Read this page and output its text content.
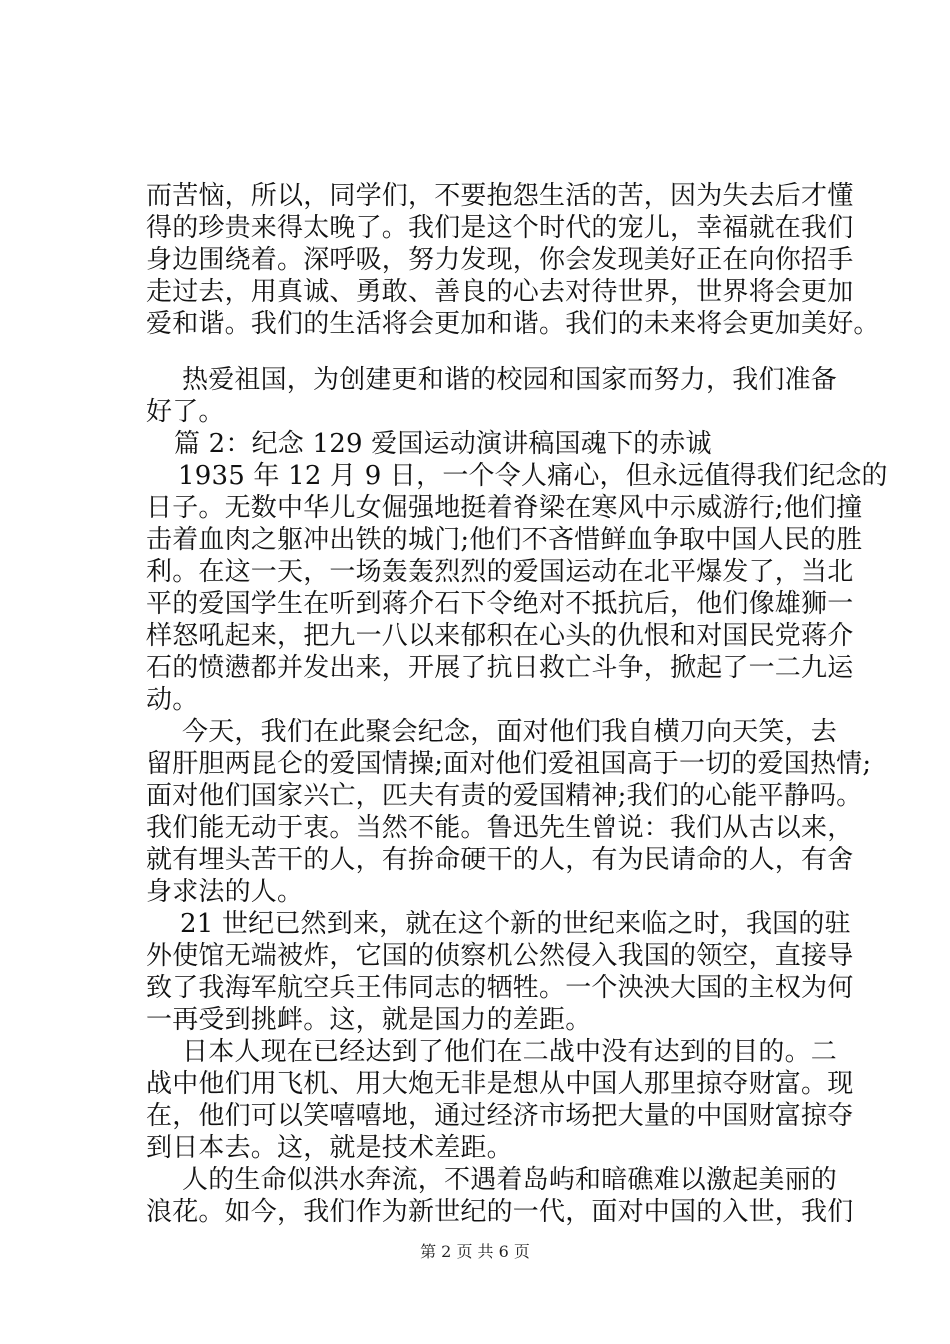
而苦恼，所以，同学们，不要抱怨生活的苦，因为失去后才懂
得的珍贵来得太晚了。我们是这个时代的宠儿，幸福就在我们
身边围绕着。深呼吸，努力发现，你会发现美好正在向你招手
走过去，用真诚、勇敢、善良的心去对待世界，世界将会更加
爱和谐。我们的生活将会更加和谐。我们的未来将会更加美好。
热爱祖国，为创建更和谐的校园和国家而努力，我们准备
好了。
篇 2：纪念 129 爱国运动演讲稿国魂下的赤诚
1935 年 12 月 9 日，一个令人痛心，但永远值得我们纪念的
日子。无数中华儿女倔强地挺着脊梁在寒风中示威游行;他们撞
击着血肉之躯冲出铁的城门;他们不吝惜鲜血争取中国人民的胜
利。在这一天，一场轰轰烈烈的爱国运动在北平爆发了，当北
平的爱国学生在听到蒋介石下令绝对不抵抗后，他们像雄狮一
样怒吼起来，把九一八以来郁积在心头的仇恨和对国民党蒋介
石的愤懑都并发出来，开展了抗日救亡斗争，掀起了一二九运
动。
今天，我们在此聚会纪念，面对他们我自横刀向天笑，去
留肝胆两昆仑的爱国情操;面对他们爱祖国高于一切的爱国热情;
面对他们国家兴亡，匹夫有责的爱国精神;我们的心能平静吗。
我们能无动于衷。当然不能。鲁迅先生曾说：我们从古以来，
就有埋头苦干的人，有拚命硬干的人，有为民请命的人，有舍
身求法的人。
21 世纪已然到来，就在这个新的世纪来临之时，我国的驻
外使馆无端被炸，它国的侦察机公然侵入我国的领空，直接导
致了我海军航空兵王伟同志的牺牲。一个泱泱大国的主权为何
一再受到挑衅。这，就是国力的差距。
日本人现在已经达到了他们在二战中没有达到的目的。二
战中他们用飞机、用大炮无非是想从中国人那里掠夺财富。现
在，他们可以笑嘻嘻地，通过经济市场把大量的中国财富掠夺
到日本去。这，就是技术差距。
人的生命似洪水奔流，不遇着岛屿和暗礁难以激起美丽的
浪花。如今，我们作为新世纪的一代，面对中国的入世，我们
第 2 页 共 6 页
